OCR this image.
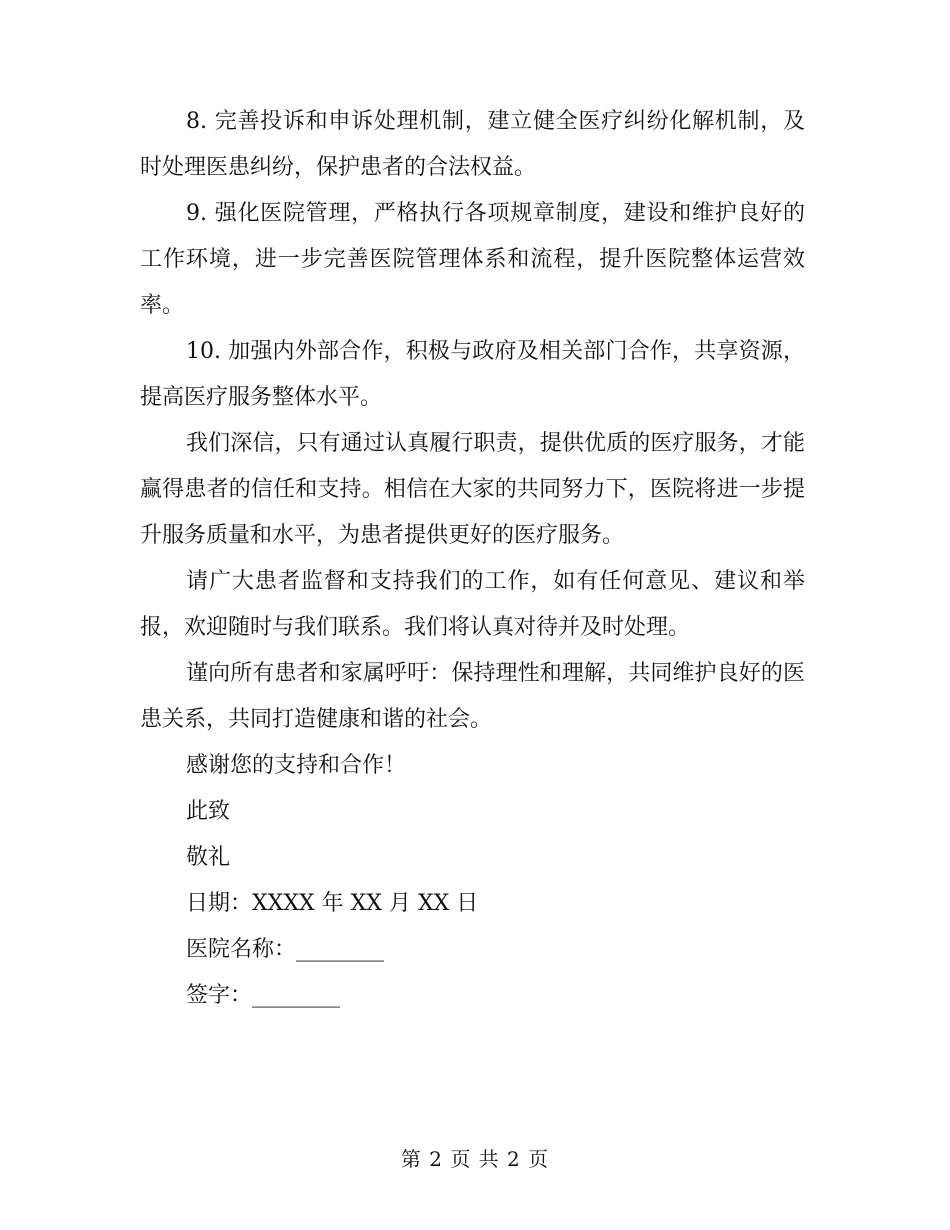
8. 完善投诉和申诉处理机制，建立健全医疗纠纷化解机制，及时处理医患纠纷，保护患者的合法权益。

9. 强化医院管理，严格执行各项规章制度，建设和维护良好的工作环境，进一步完善医院管理体系和流程，提升医院整体运营效率。

10. 加强内外部合作，积极与政府及相关部门合作，共享资源，提高医疗服务整体水平。

我们深信，只有通过认真履行职责，提供优质的医疗服务，才能赢得患者的信任和支持。相信在大家的共同努力下，医院将进一步提升服务质量和水平，为患者提供更好的医疗服务。

请广大患者监督和支持我们的工作，如有任何意见、建议和举报，欢迎随时与我们联系。我们将认真对待并及时处理。

谨向所有患者和家属呼吁：保持理性和理解，共同维护良好的医患关系，共同打造健康和谐的社会。

感谢您的支持和合作！

此致

敬礼

日期：XXXX 年 XX 月 XX 日

医院名称：________

签字：________

第 2 页 共 2 页
